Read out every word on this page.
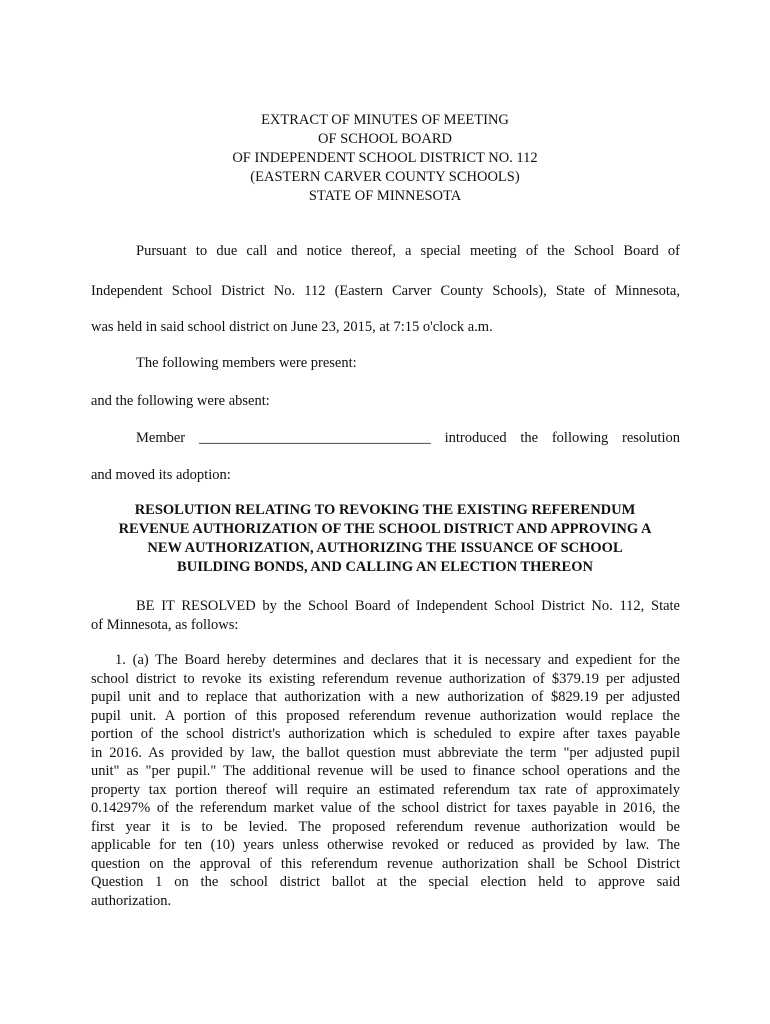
EXTRACT OF MINUTES OF MEETING
OF SCHOOL BOARD
OF INDEPENDENT SCHOOL DISTRICT NO. 112
(EASTERN CARVER COUNTY SCHOOLS)
STATE OF MINNESOTA
Pursuant to due call and notice thereof, a special meeting of the School Board of
Independent School District No. 112 (Eastern Carver County Schools), State of Minnesota,
was held in said school district on June 23, 2015, at 7:15 o'clock a.m.
The following members were present:
and the following were absent:
Member ________________________________ introduced the following resolution
and moved its adoption:
RESOLUTION RELATING TO REVOKING THE EXISTING REFERENDUM
REVENUE AUTHORIZATION OF THE SCHOOL DISTRICT AND APPROVING A
NEW AUTHORIZATION, AUTHORIZING THE ISSUANCE OF SCHOOL
BUILDING BONDS, AND CALLING AN ELECTION THEREON
BE IT RESOLVED by the School Board of Independent School District No. 112, State
of Minnesota, as follows:
1. (a) The Board hereby determines and declares that it is necessary and expedient for the
school district to revoke its existing referendum revenue authorization of $379.19 per adjusted
pupil unit and to replace that authorization with a new authorization of $829.19 per adjusted
pupil unit. A portion of this proposed referendum revenue authorization would replace the
portion of the school district's authorization which is scheduled to expire after taxes payable
in 2016. As provided by law, the ballot question must abbreviate the term "per adjusted pupil
unit" as "per pupil." The additional revenue will be used to finance school operations and the
property tax portion thereof will require an estimated referendum tax rate of approximately
0.14297% of the referendum market value of the school district for taxes payable in 2016, the
first year it is to be levied. The proposed referendum revenue authorization would be
applicable for ten (10) years unless otherwise revoked or reduced as provided by law. The
question on the approval of this referendum revenue authorization shall be School District
Question 1 on the school district ballot at the special election held to approve said
authorization.
